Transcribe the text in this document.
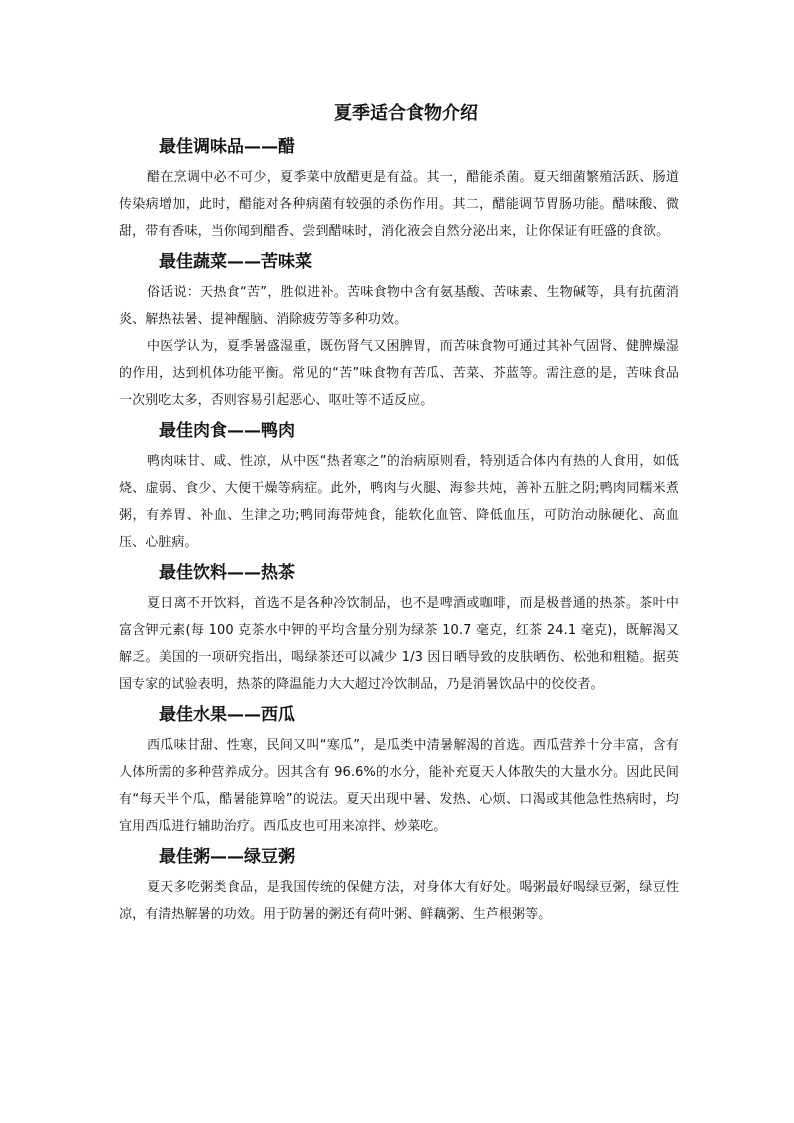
夏季适合食物介绍
最佳调味品——醋

醋在烹调中必不可少，夏季菜中放醋更是有益。其一，醋能杀菌。夏天细菌繁殖活跃、肠道传染病增加，此时，醋能对各种病菌有较强的杀伤作用。其二，醋能调节胃肠功能。醋味酸、微甜，带有香味，当你闻到醋香、尝到醋味时，消化液会自然分泌出来，让你保证有旺盛的食欲。

最佳蔬菜——苦味菜

俗话说：天热食“苦”，胜似进补。苦味食物中含有氨基酸、苦味素、生物碱等，具有抗菌消炎、解热祛暑、提神醒脑、消除疲劳等多种功效。

中医学认为，夏季暑盛湿重，既伤肾气又困脾胃，而苦味食物可通过其补气固肾、健脾燥湿的作用，达到机体功能平衡。常见的“苦”味食物有苦瓜、苦菜、芥蓝等。需注意的是，苦味食品一次别吃太多，否则容易引起恶心、呕吐等不适反应。

最佳肉食——鸭肉

鸭肉味甘、咸、性凉，从中医“热者寒之”的治病原则看，特别适合体内有热的人食用，如低烧、虚弱、食少、大便干燥等病症。此外，鸭肉与火腿、海参共炖，善补五脏之阴;鸭肉同糯米煮粥，有养胃、补血、生津之功;鸭同海带炖食，能软化血管、降低血压，可防治动脉硬化、高血压、心脏病。

最佳饮料——热茶

夏日离不开饮料，首选不是各种冷饮制品，也不是啤酒或咖啡，而是极普通的热茶。茶叶中富含钾元素(每 100 克茶水中钾的平均含量分别为绿茶 10.7 毫克，红茶 24.1 毫克)，既解渴又解乏。美国的一项研究指出，喝绿茶还可以减少 1/3 因日晒导致的皮肤晒伤、松弛和粗糙。据英国专家的试验表明，热茶的降温能力大大超过冷饮制品，乃是消暑饮品中的佼佼者。

最佳水果——西瓜

西瓜味甘甜、性寒，民间又叫“寒瓜”，是瓜类中清暑解渴的首选。西瓜营养十分丰富，含有人体所需的多种营养成分。因其含有 96.6%的水分，能补充夏天人体散失的大量水分。因此民间有“每天半个瓜，酷暑能算啥”的说法。夏天出现中暑、发热、心烦、口渴或其他急性热病时，均宜用西瓜进行辅助治疗。西瓜皮也可用来凉拌、炒菜吃。

最佳粥——绿豆粥

夏天多吃粥类食品，是我国传统的保健方法，对身体大有好处。喝粥最好喝绿豆粥，绿豆性凉，有清热解暑的功效。用于防暑的粥还有荷叶粥、鲜藕粥、生芦根粥等。
